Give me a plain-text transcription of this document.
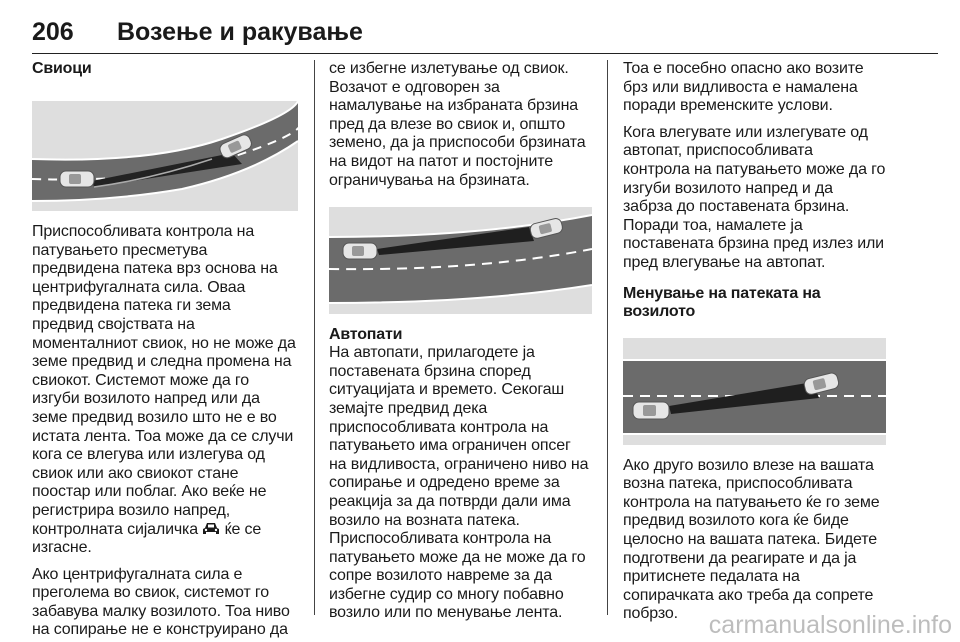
206 Возење и ракување
Свиоци

Приспособливата контрола на

патувањето пресметува

предвидена патека врз основа на

центрифугалната сила. Оваа

предвидена патека ги зема

предвид својствата на

моменталниот свиок, но не може да

земе предвид и следна промена на

свиокот. Системот може да го

изгуби возилото напред или да

земе предвид возило што не е во

истата лента. Тоа може да се случи

кога се влегува или излегува од

свиок или ако свиокот стане

поостар или поблаг. Ако веќе не

регистрира возило напред,

контролната сијаличка ќе се

изгасне.

Ако центрифугалната сила е

преголема во свиок, системот го

забавува малку возилото. Тоа ниво

на сопирање не е конструирано да

се избегне излетување од свиок.

Возачот е одговорен за

намалување на избраната брзина

пред да влезе во свиок и, општо

земено, да ја приспособи брзината

на видот на патот и постојните

ограничувања на брзината.

Автопати

На автопати, прилагодете ја

поставената брзина според

ситуацијата и времето. Секогаш

земајте предвид дека

приспособливата контрола на

патувањето има ограничен опсег

на видливоста, ограничено ниво на

сопирање и одредено време за

реакција за да потврди дали има

возило на возната патека.

Приспособливата контрола на

патувањето може да не може да го

сопре возилото навреме за да

избегне судир со многу побавно

возило или по менување лента.

Тоа е посебно опасно ако возите

брз или видливоста е намалена

поради временските услови.

Кога влегувате или излегувате од

автопат, приспособливата

контрола на патувањето може да го

изгуби возилото напред и да

забрза до поставената брзина.

Поради тоа, намалете ја

поставената брзина пред излез или

пред влегување на автопат.

Менување на патеката на возилото

Ако друго возило влезе на вашата

возна патека, приспособливата

контрола на патувањето ќе го земе

предвид возилото кога ќе биде

целосно на вашата патека. Бидете

подготвени да реагирате и да ја

притиснете педалата на

сопирачката ако треба да сопрете

побрзо.	carmanualsonline.info
